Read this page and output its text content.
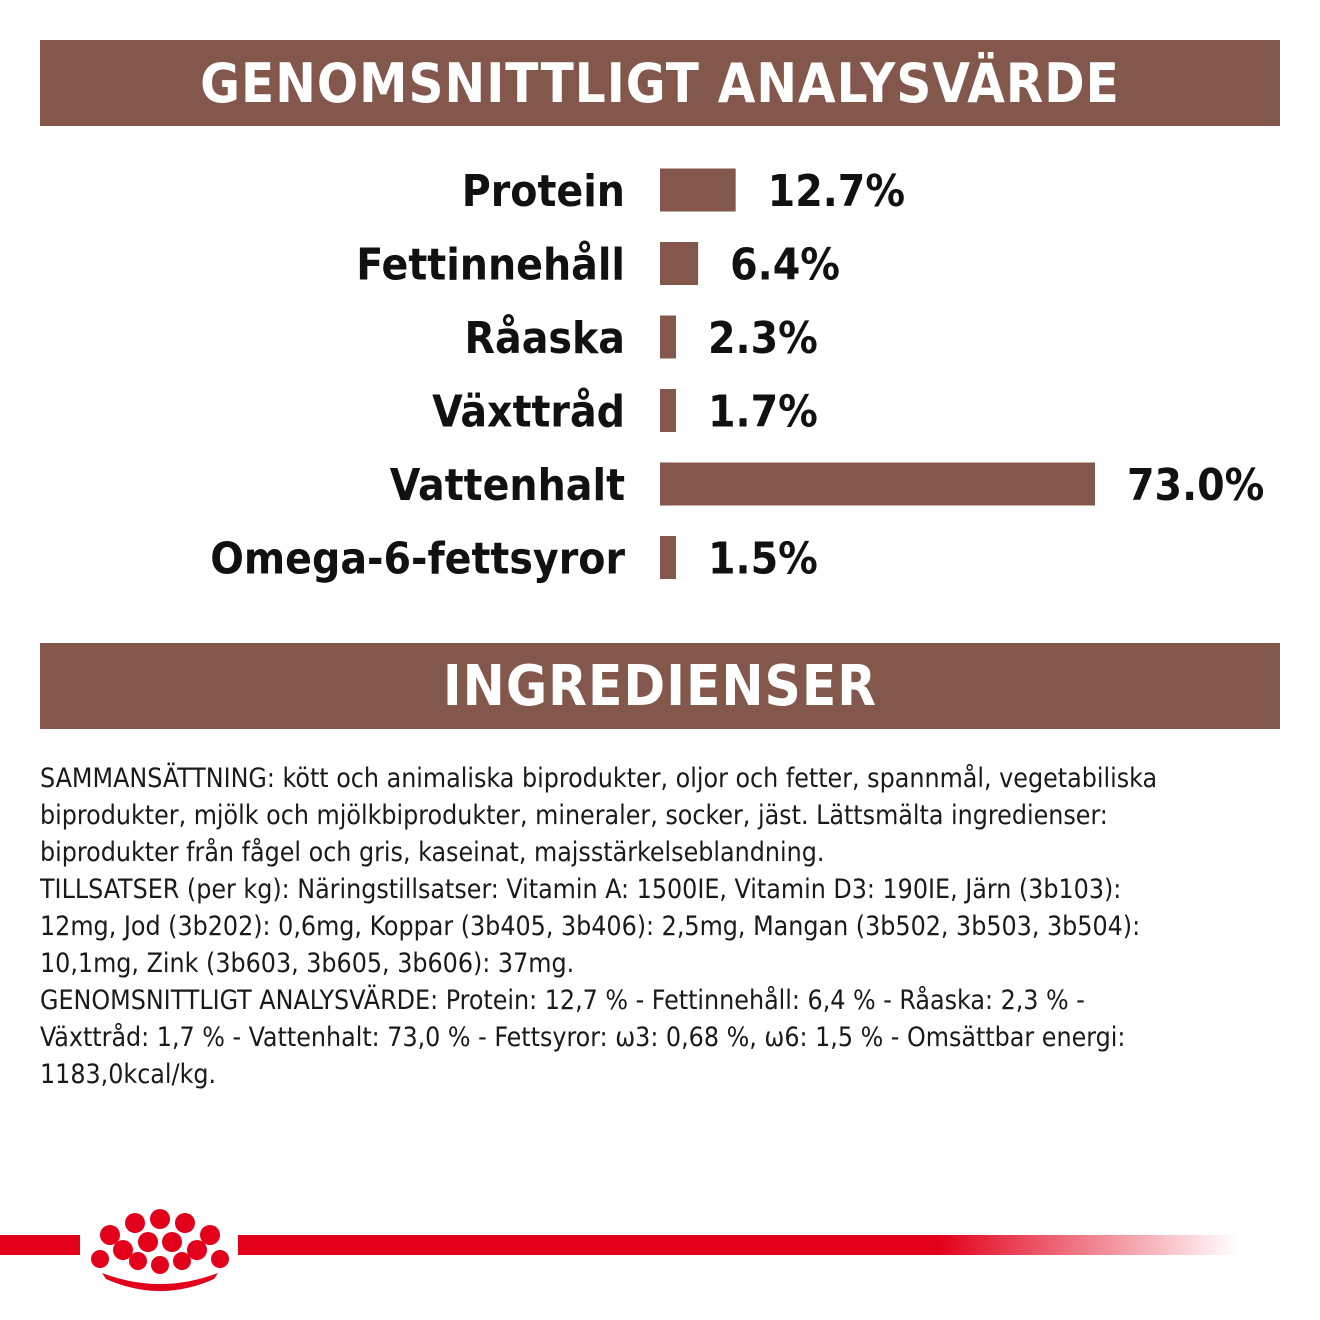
GENOMSNITTLIGT ANALYSVÄRDE
Protein	12.7%
Fettinnehåll 6.4%
Råaska 2.3%
Växttråd 1.7%
Vattenhalt	73.0%
Omega-6-fettsyror 1.5%
INGREDIENSER

SAMMANSÄTTNING: kött och animaliska biprodukter, oljor och fetter, spannmål, vegetabiliska

biprodukter, mjölk och mjölkbiprodukter, mineraler, socker, jäst. Lättsmälta ingredienser:

biprodukter från fågel och gris, kaseinat, majsstärkelseblandning.

TILLSATSER (per kg): Näringstillsatser: Vitamin A: 1500IE, Vitamin D3: 190IE, Järn (3b103):

12mg, Jod (3b202): 0,6mg, Koppar (3b405, 3b406): 2,5mg, Mangan (3b502, 3b503, 3b504):

10,1mg, Zink (3b603, 3b605, 3b606): 37mg.

GENOMSNITTLIGT ANALYSVÄRDE: Protein: 12,7 % - Fettinnehåll: 6,4 % - Råaska: 2,3 % -

Växttråd: 1,7 % - Vattenhalt: 73,0 % - Fettsyror: ω3: 0,68 %, ω6: 1,5 % - Omsättbar energi:

1183,0kcal/kg.
